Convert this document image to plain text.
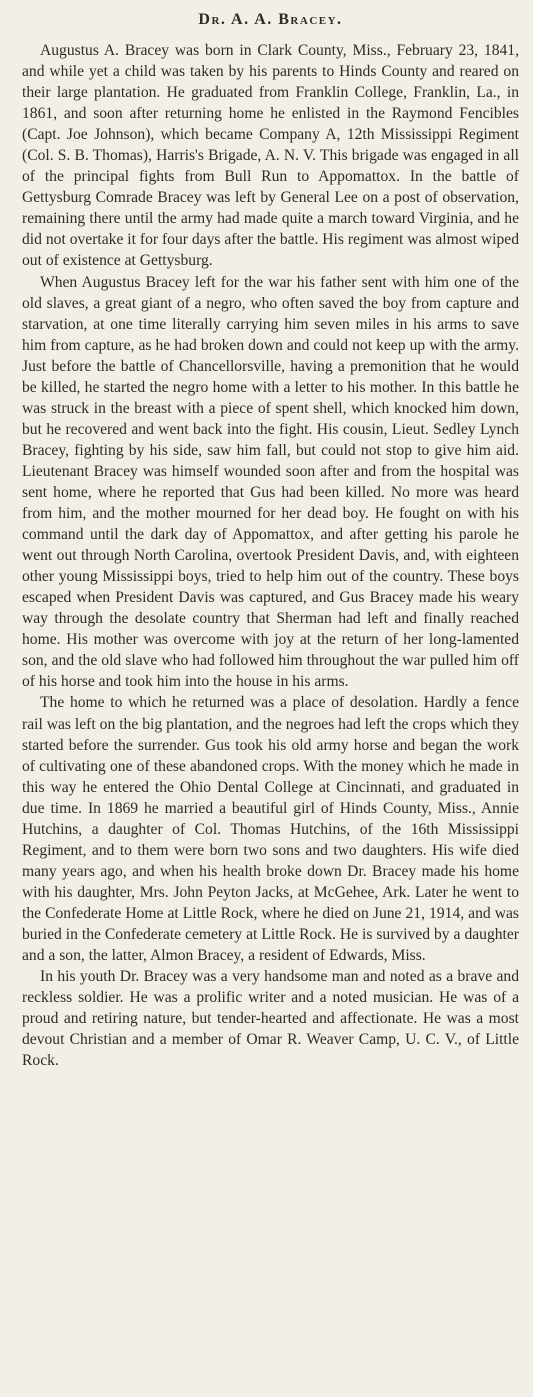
Dr. A. A. Bracey.

Augustus A. Bracey was born in Clark County, Miss., February 23, 1841, and while yet a child was taken by his parents to Hinds County and reared on their large plantation. He graduated from Franklin College, Franklin, La., in 1861, and soon after returning home he enlisted in the Raymond Fencibles (Capt. Joe Johnson), which became Company A, 12th Mississippi Regiment (Col. S. B. Thomas), Harris's Brigade, A. N. V. This brigade was engaged in all of the principal fights from Bull Run to Appomattox. In the battle of Gettysburg Comrade Bracey was left by General Lee on a post of observation, remaining there until the army had made quite a march toward Virginia, and he did not overtake it for four days after the battle. His regiment was almost wiped out of existence at Gettysburg.

When Augustus Bracey left for the war his father sent with him one of the old slaves, a great giant of a negro, who often saved the boy from capture and starvation, at one time literally carrying him seven miles in his arms to save him from capture, as he had broken down and could not keep up with the army. Just before the battle of Chancellorsville, having a premonition that he would be killed, he started the negro home with a letter to his mother. In this battle he was struck in the breast with a piece of spent shell, which knocked him down, but he recovered and went back into the fight. His cousin, Lieut. Sedley Lynch Bracey, fighting by his side, saw him fall, but could not stop to give him aid. Lieutenant Bracey was himself wounded soon after and from the hospital was sent home, where he reported that Gus had been killed. No more was heard from him, and the mother mourned for her dead boy. He fought on with his command until the dark day of Appomattox, and after getting his parole he went out through North Carolina, overtook President Davis, and, with eighteen other young Mississippi boys, tried to help him out of the country. These boys escaped when President Davis was captured, and Gus Bracey made his weary way through the desolate country that Sherman had left and finally reached home. His mother was overcome with joy at the return of her long-lamented son, and the old slave who had followed him throughout the war pulled him off of his horse and took him into the house in his arms.

The home to which he returned was a place of desolation. Hardly a fence rail was left on the big plantation, and the negroes had left the crops which they started before the surrender. Gus took his old army horse and began the work of cultivating one of these abandoned crops. With the money which he made in this way he entered the Ohio Dental College at Cincinnati, and graduated in due time. In 1869 he married a beautiful girl of Hinds County, Miss., Annie Hutchins, a daughter of Col. Thomas Hutchins, of the 16th Mississippi Regiment, and to them were born two sons and two daughters. His wife died many years ago, and when his health broke down Dr. Bracey made his home with his daughter, Mrs. John Peyton Jacks, at McGehee, Ark. Later he went to the Confederate Home at Little Rock, where he died on June 21, 1914, and was buried in the Confederate cemetery at Little Rock. He is survived by a daughter and a son, the latter, Almon Bracey, a resident of Edwards, Miss.

In his youth Dr. Bracey was a very handsome man and noted as a brave and reckless soldier. He was a prolific writer and a noted musician. He was of a proud and retiring nature, but tender-hearted and affectionate. He was a most devout Christian and a member of Omar R. Weaver Camp, U. C. V., of Little Rock.
